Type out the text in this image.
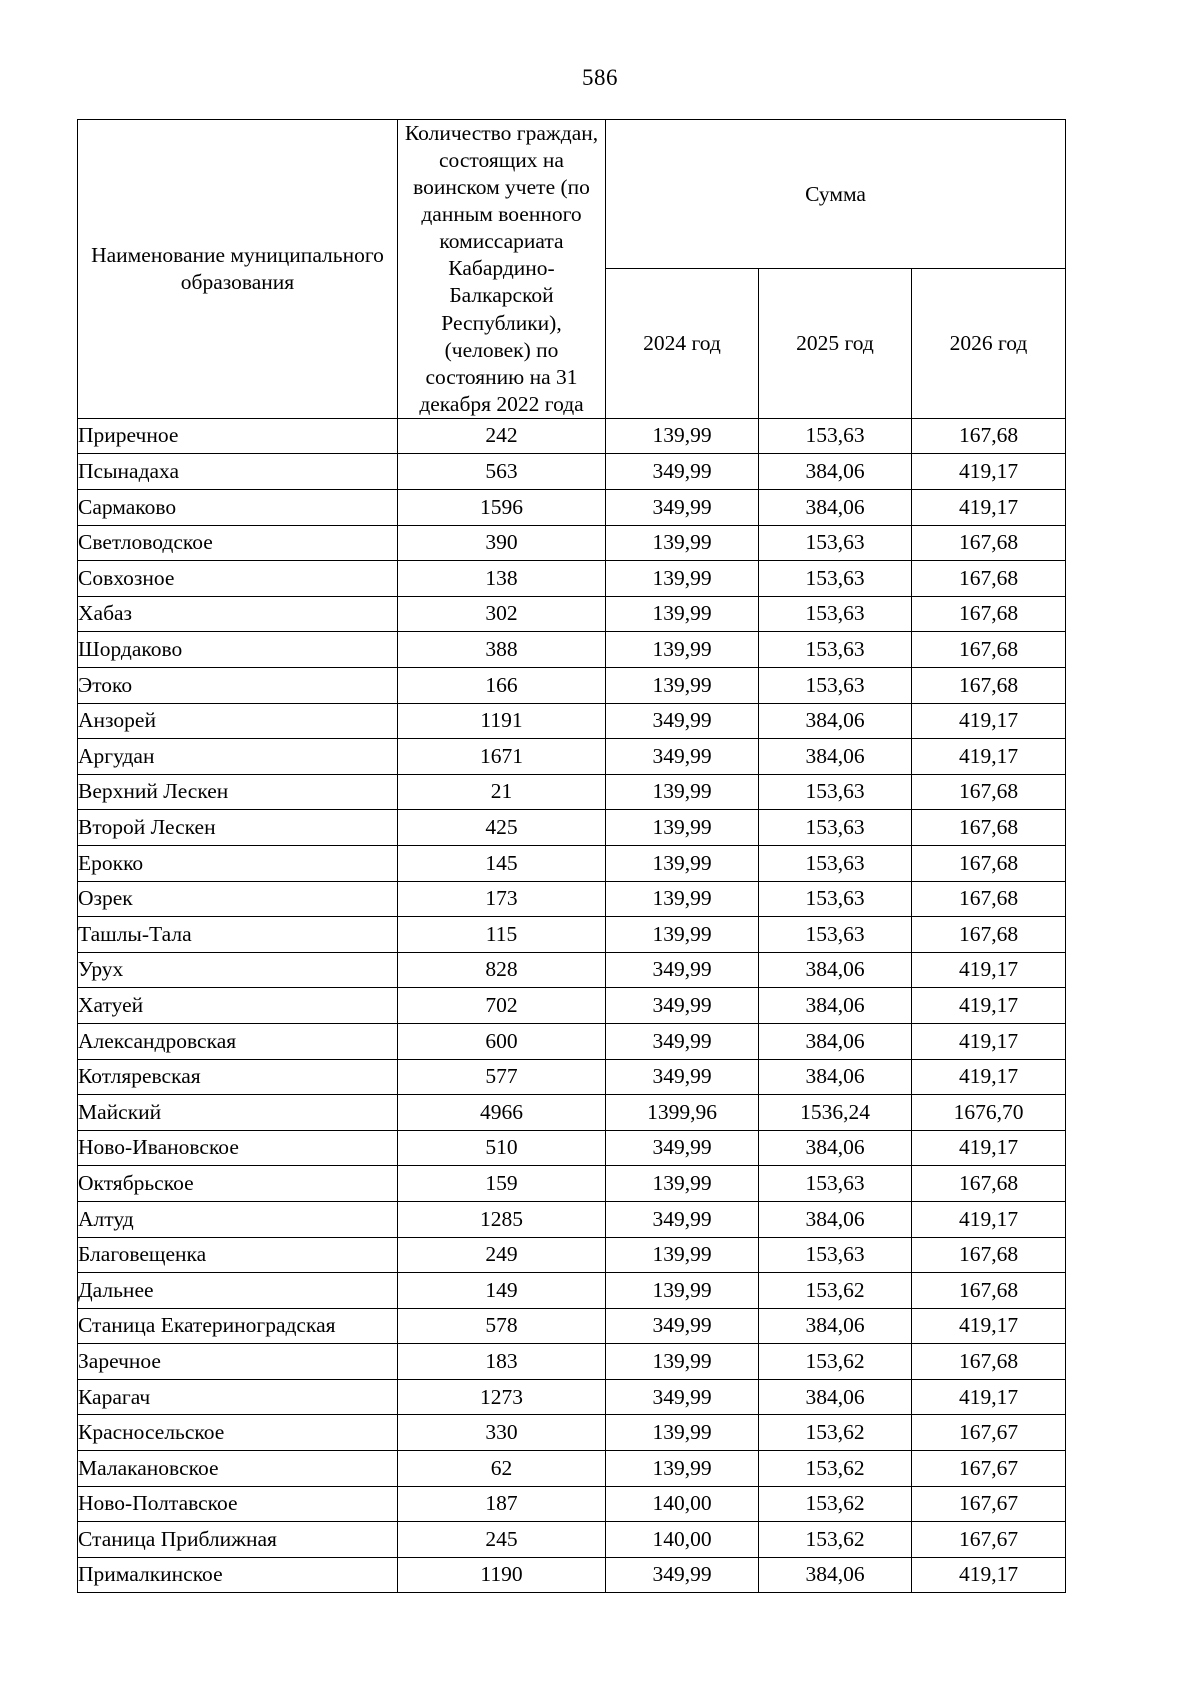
586
Наименование муниципального образования	Количество граждан, состоящих на воинском учете (по данным военного комиссариата Кабардино-Балкарской Республики), (человек) по состоянию на 31 декабря 2022 года	Сумма		
		2024 год	2025 год	2026 год
Приречное	242	139,99	153,63	167,68
Псынадаха	563	349,99	384,06	419,17
Сармаково	1596	349,99	384,06	419,17
Светловодское	390	139,99	153,63	167,68
Совхозное	138	139,99	153,63	167,68
Хабаз	302	139,99	153,63	167,68
Шордаково	388	139,99	153,63	167,68
Этоко	166	139,99	153,63	167,68
Анзорей	1191	349,99	384,06	419,17
Аргудан	1671	349,99	384,06	419,17
Верхний Лескен	21	139,99	153,63	167,68
Второй Лескен	425	139,99	153,63	167,68
Ерокко	145	139,99	153,63	167,68
Озрек	173	139,99	153,63	167,68
Ташлы-Тала	115	139,99	153,63	167,68
Урух	828	349,99	384,06	419,17
Хатуей	702	349,99	384,06	419,17
Александровская	600	349,99	384,06	419,17
Котляревская	577	349,99	384,06	419,17
Майский	4966	1399,96	1536,24	1676,70
Ново-Ивановское	510	349,99	384,06	419,17
Октябрьское	159	139,99	153,63	167,68
Алтуд	1285	349,99	384,06	419,17
Благовещенка	249	139,99	153,63	167,68
Дальнее	149	139,99	153,62	167,68
Станица Екатериноградская	578	349,99	384,06	419,17
Заречное	183	139,99	153,62	167,68
Карагач	1273	349,99	384,06	419,17
Красносельское	330	139,99	153,62	167,67
Малакановское	62	139,99	153,62	167,67
Ново-Полтавское	187	140,00	153,62	167,67
Станица Приближная	245	140,00	153,62	167,67
Прималкинское	1190	349,99	384,06	419,17
